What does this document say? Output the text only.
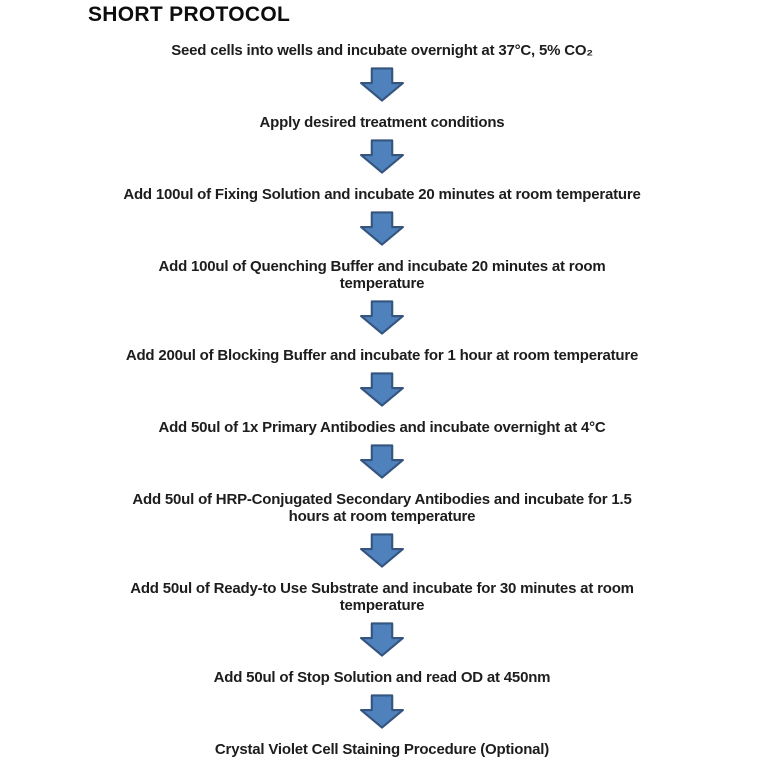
SHORT PROTOCOL
Seed cells into wells and incubate overnight at 37°C, 5% CO₂
Apply desired treatment conditions
Add 100ul of Fixing Solution and incubate 20 minutes at room temperature
Add 100ul of Quenching Buffer and incubate 20 minutes at room
temperature
Add 200ul of Blocking Buffer and incubate for 1 hour at room temperature
Add 50ul of 1x Primary Antibodies and incubate overnight at 4°C
Add 50ul of HRP-Conjugated Secondary Antibodies and incubate for 1.5
hours at room temperature
Add 50ul of Ready-to Use Substrate and incubate for 30 minutes at room
temperature
Add 50ul of Stop Solution and read OD at 450nm
Crystal Violet Cell Staining Procedure (Optional)
